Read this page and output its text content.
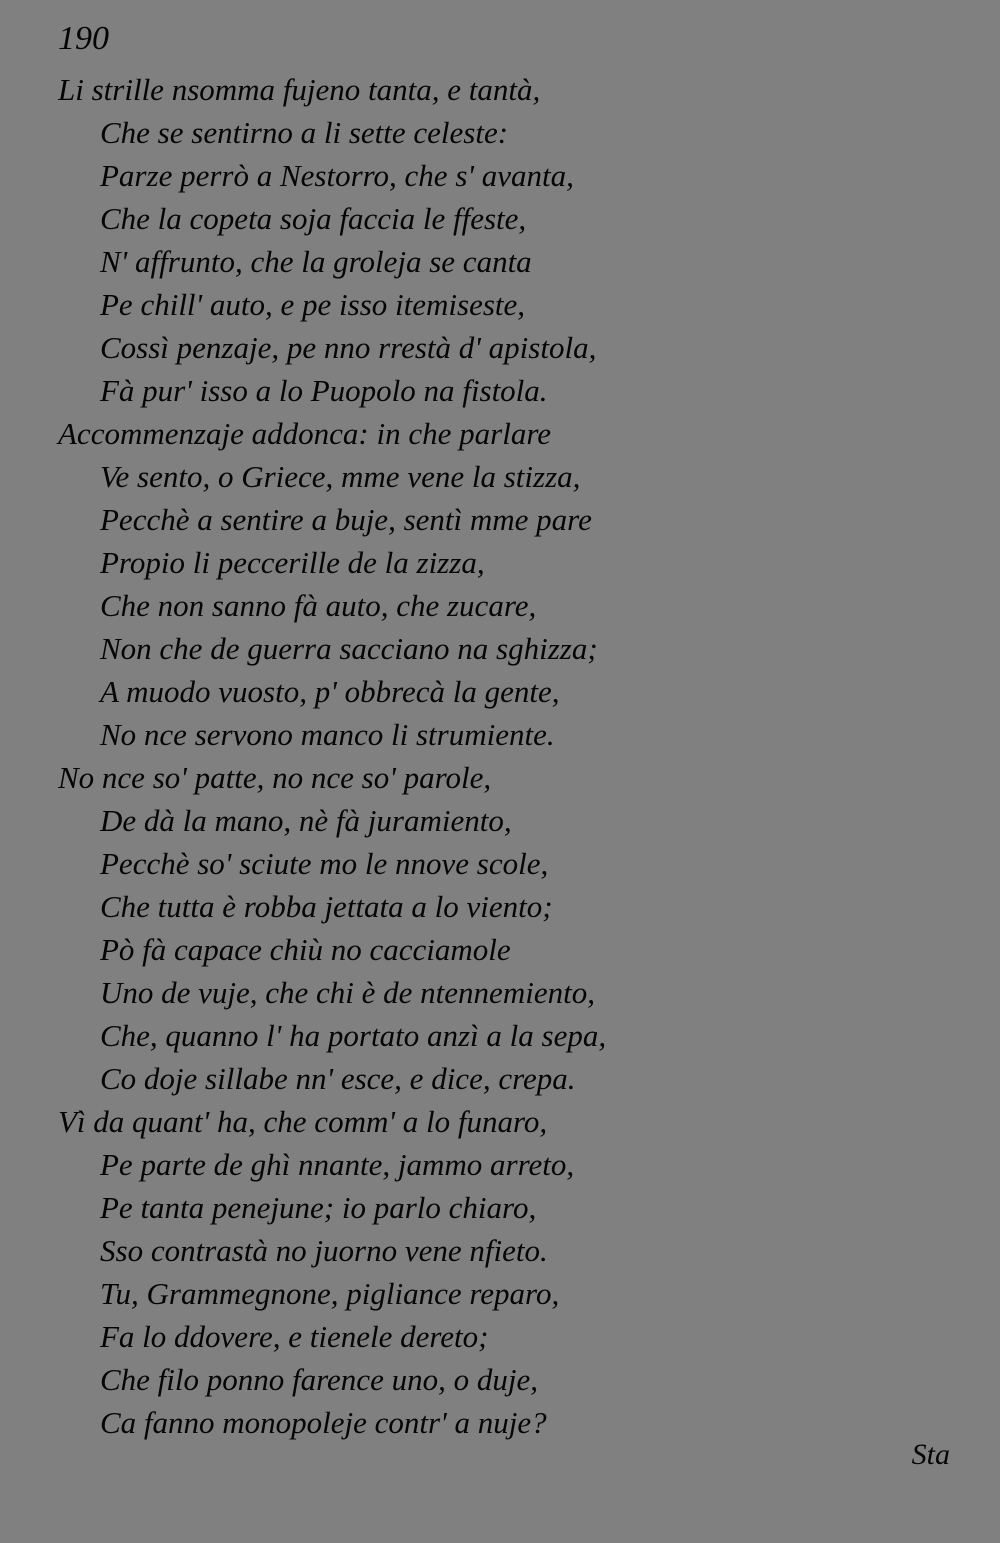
190
Li strille nsomma fujeno tanta, e tantà,
Che se sentirno a li sette celeste:
Parze perrò a Nestorro, che s' avanta,
Che la copeta soja faccia le ffeste,
N' affrunto, che la groleja se canta
Pe chill' auto, e pe isso itemiseste,
Cossì penzaje, pe nno rrestà d' apistola,
Fà pur' isso a lo Puopolo na fistola.
Accommenzaje addonca: in che parlare
Ve sento, o Griece, mme vene la stizza,
Pecchè a sentire a buje, sentì mme pare
Propio li peccerille de la zizza,
Che non sanno fà auto, che zucare,
Non che de guerra sacciano na sghizza;
A muodo vuosto, p' obbrecà la gente,
No nce servono manco li strumiente.
No nce so' patte, no nce so' parole,
De dà la mano, nè fà juramiento,
Pecchè so' sciute mo le nnove scole,
Che tutta è robba jettata a lo viento;
Pò fà capace chiù no cacciamole
Uno de vuje, che chi è de ntennemiento,
Che, quanno l' ha portato anzì a la sepa,
Co doje sillabe nn' esce, e dice, crepa.
Vì da quant' ha, che comm' a lo funaro,
Pe parte de ghì nnante, jammo arreto,
Pe tanta penejune; io parlo chiaro,
Sso contrastà no juorno vene nfieto.
Tu, Grammegnone, pigliance reparo,
Fa lo ddovere, e tienele dereto;
Che filo ponno farence uno, o duje,
Ca fanno monopoleje contr' a nuje?
Sta
